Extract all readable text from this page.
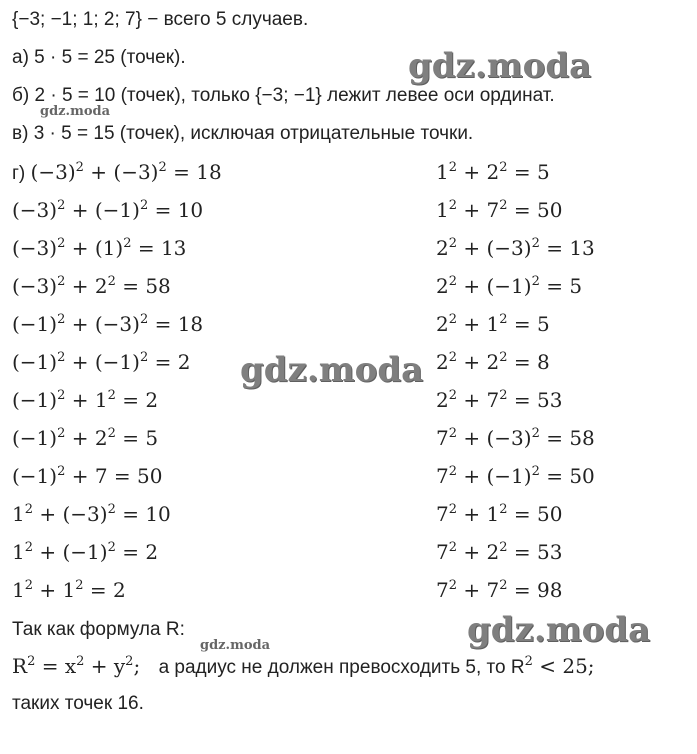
{−3; −1; 1; 2; 7} − всего 5 случаев.
а) 5 · 5 = 25 (точек).
б) 2 · 5 = 10 (точек), только {−3; −1} лежит левее оси ординат.
в) 3 · 5 = 15 (точек), исключая отрицательные точки.
г) $(-3)^2 + (-3)^2 = 18$
$(-3)^2 + (-1)^2 = 10$
$(-3)^2 + (1)^2 = 13$
$(-3)^2 + 2^2 = 58$
$(-1)^2 + (-3)^2 = 18$
$(-1)^2 + (-1)^2 = 2$
$(-1)^2 + 1^2 = 2$
$(-1)^2 + 2^2 = 5$
$(-1)^2 + 7 = 50$
$1^2 + (-3)^2 = 10$
$1^2 + (-1)^2 = 2$
$1^2 + 1^2 = 2$
$1^2 + 2^2 = 5$
$1^2 + 7^2 = 50$
$2^2 + (-3)^2 = 13$
$2^2 + (-1)^2 = 5$
$2^2 + 1^2 = 5$
$2^2 + 2^2 = 8$
$2^2 + 7^2 = 53$
$7^2 + (-3)^2 = 58$
$7^2 + (-1)^2 = 50$
$7^2 + 1^2 = 50$
$7^2 + 2^2 = 53$
$7^2 + 7^2 = 98$
Так как формула R:
$R^2 = x^2 + y^2$; а радиус не должен превосходить 5, то $R^2 < 25$;
таких точек 16.
gdz.moda
gdz.moda
gdz.moda
gdz.moda
gdz.moda
